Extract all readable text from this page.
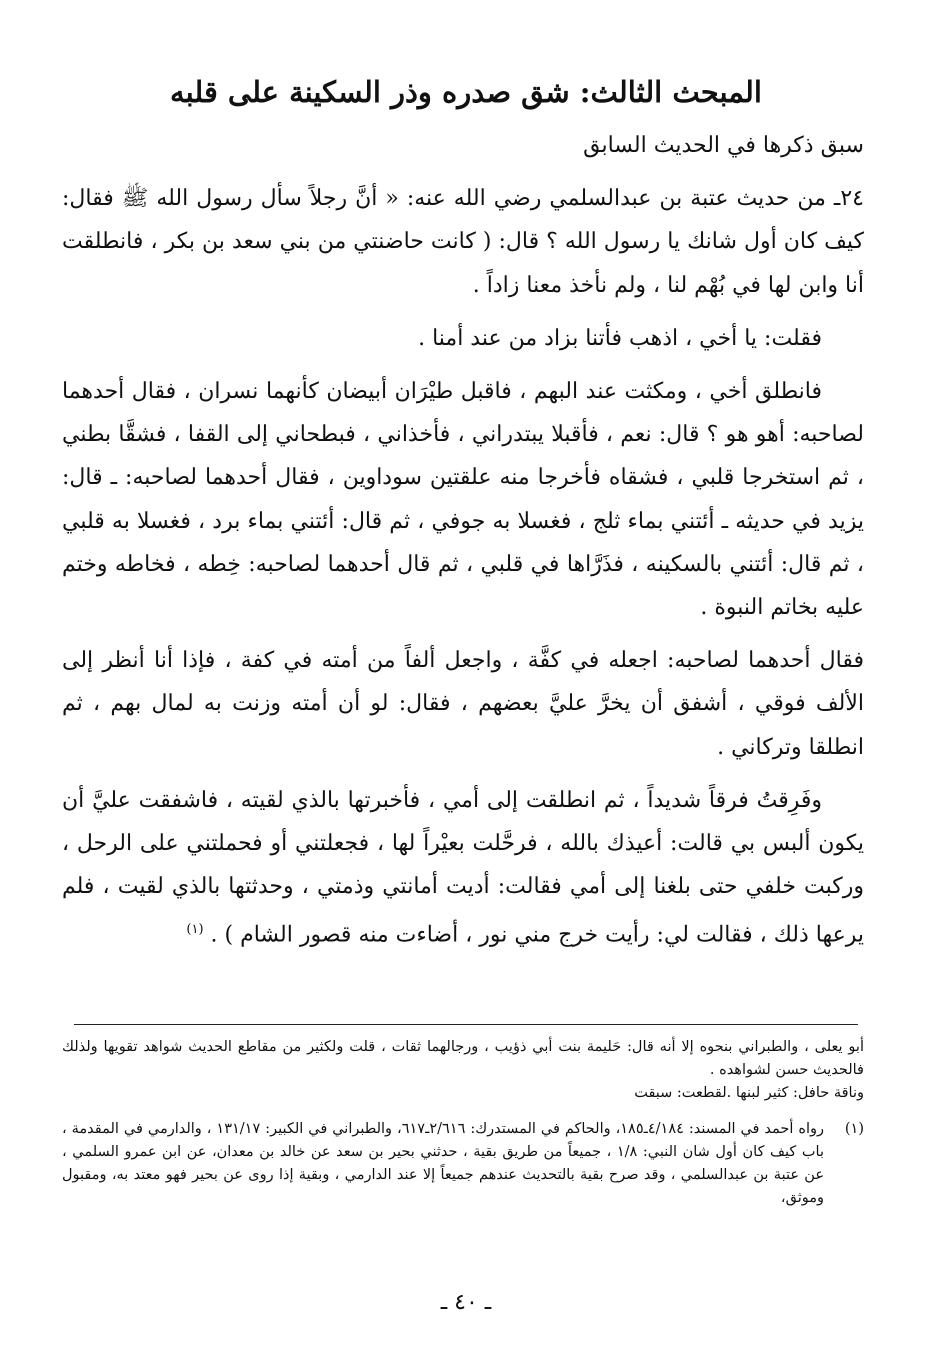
المبحث الثالث: شق صدره وذر السكينة على قلبه

سبق ذكرها في الحديث السابق

٢٤ـ من حديث عتبة بن عبدالسلمي رضي الله عنه: « أنَّ رجلاً سأل رسول الله ﷺ فقال: كيف كان أول شانك يا رسول الله ؟ قال: ( كانت حاضنتي من بني سعد بن بكر ، فانطلقت أنا وابن لها في بُهْم لنا ، ولم نأخذ معنا زاداً .

فقلت: يا أخي ، اذهب فأتنا بزاد من عند أمنا .

فانطلق أخي ، ومكثت عند البهم ، فاقبل طيْرَان أبيضان كأنهما نسران ، فقال أحدهما لصاحبه: أهو هو ؟ قال: نعم ، فأقبلا يبتدراني ، فأخذاني ، فبطحاني إلى القفا ، فشقَّا بطني ، ثم استخرجا قلبي ، فشقاه فأخرجا منه علقتين سوداوين ، فقال أحدهما لصاحبه: ـ قال: يزيد في حديثه ـ أئتني بماء ثلج ، فغسلا به جوفي ، ثم قال: أئتني بماء برد ، فغسلا به قلبي ، ثم قال: أئتني بالسكينه ، فذَرَّاها في قلبي ، ثم قال أحدهما لصاحبه: خِطه ، فخاطه وختم عليه بخاتم النبوة .

فقال أحدهما لصاحبه: اجعله في كفَّة ، واجعل ألفاً من أمته في كفة ، فإذا أنا أنظر إلى الألف فوقي ، أشفق أن يخرَّ عليَّ بعضهم ، فقال: لو أن أمته وزنت به لمال بهم ، ثم انطلقا وتركاني .

وفَرِقتُ فرقاً شديداً ، ثم انطلقت إلى أمي ، فأخبرتها بالذي لقيته ، فاشفقت عليَّ أن يكون ألبس بي قالت: أعيذك بالله ، فرحَّلت بعيْراً لها ، فجعلتني أو فحملتني على الرحل ، وركبت خلفي حتى بلغنا إلى أمي فقالت: أديت أمانتي وذمتي ، وحدثتها بالذي لقيت ، فلم يرعها ذلك ، فقالت لي: رأيت خرج مني نور ، أضاءت منه قصور الشام ) . $^{(١)}$

أبو يعلى ، والطبراني بنحوه إلا أنه قال: حَليمة بنت أبي ذؤيب ، ورجالهما ثقات ، قلت ولكثير من مقاطع الحديث شواهد تقويها ولذلك فالحديث حسن لشواهده .

وناقة حافل: كثير لبنها .لقطعت: سبقت

(١)
رواه أحمد في المسند: ٤/١٨٤ـ١٨٥، والحاكم في المستدرك: ٢/٦١٦ـ٦١٧، والطبراني في الكبير: ١٣١/١٧ ، والدارمي في المقدمة ، باب كيف كان أول شان النبي: ١/٨ ، جميعاً من طريق بقية ، حدثني بحير بن سعد عن خالد بن معدان، عن ابن عمرو السلمي ، عن عتبة بن عبدالسلمي ، وقد صرح بقية بالتحديث عندهم جميعاً إلا عند الدارمي ، وبقية إذا روى عن بحير فهو معتد به، ومقبول وموثق،

ـ ٤٠ ـ
